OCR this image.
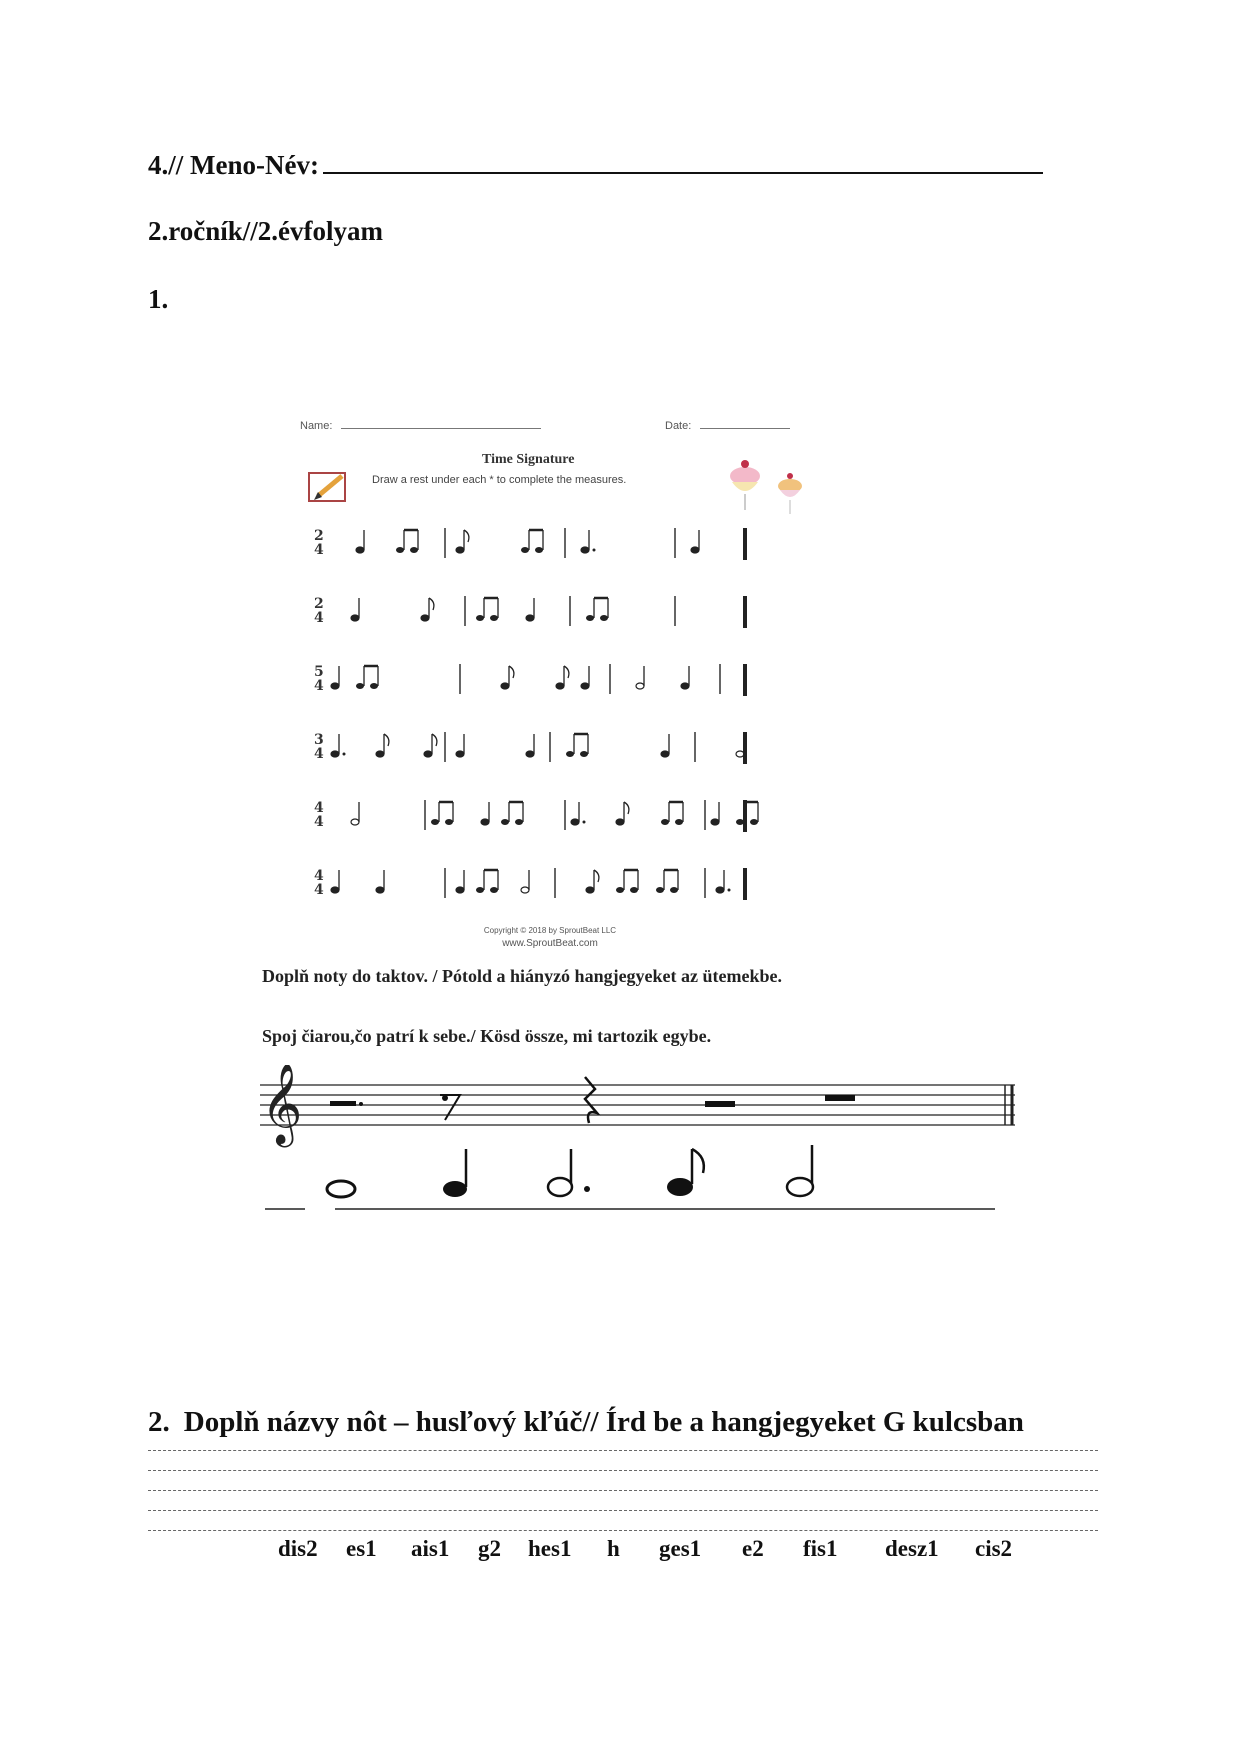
4.// Meno-Név:
2.ročník//2.évfolyam
1.
Name:	Date:
Time Signature
Draw a rest under each * to complete the measures.
2
4
2
4
5
4
3
4
4
4
4
4
Copyright © 2018 by SproutBeat LLC
www.SproutBeat.com
Doplň noty do taktov. / Pótold a hiányzó hangjegyeket az ütemekbe.
Spoj čiarou,čo patrí k sebe./ Kösd össze, mi tartozik egybe.
𝄞
2. Doplň názvy nôt – husľový kľúč// Írd be a hangjegyeket G kulcsban
dis2 es1 ais1 g2 hes1 h ges1 e2 fis1 desz1 cis2
